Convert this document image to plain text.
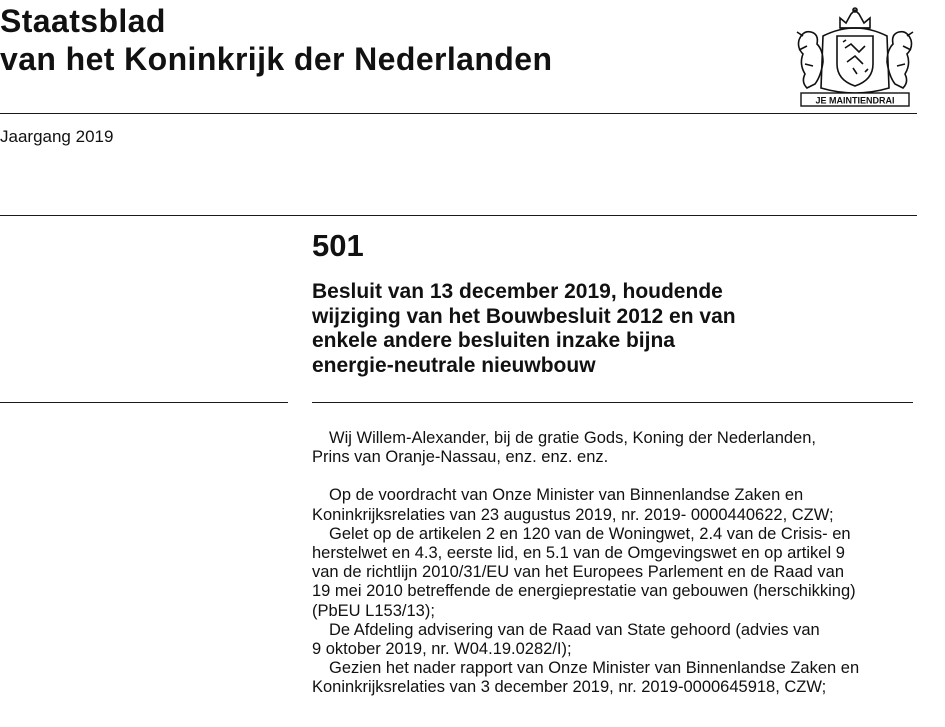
Staatsblad
van het Koninkrijk der Nederlanden
JE MAINTIENDRAI
Jaargang 2019
501
Besluit van 13 december 2019, houdende
wijziging van het Bouwbesluit 2012 en van
enkele andere besluiten inzake bijna
energie-neutrale nieuwbouw
Wij Willem-Alexander, bij de gratie Gods, Koning der Nederlanden,
Prins van Oranje-Nassau, enz. enz. enz.
Op de voordracht van Onze Minister van Binnenlandse Zaken en
Koninkrijksrelaties van 23 augustus 2019, nr. 2019- 0000440622, CZW;
Gelet op de artikelen 2 en 120 van de Woningwet, 2.4 van de Crisis- en
herstelwet en 4.3, eerste lid, en 5.1 van de Omgevingswet en op artikel 9
van de richtlijn 2010/31/EU van het Europees Parlement en de Raad van
19 mei 2010 betreffende de energieprestatie van gebouwen (herschikking)
(PbEU L153/13);
De Afdeling advisering van de Raad van State gehoord (advies van
9 oktober 2019, nr. W04.19.0282/I);
Gezien het nader rapport van Onze Minister van Binnenlandse Zaken en
Koninkrijksrelaties van 3 december 2019, nr. 2019-0000645918, CZW;
